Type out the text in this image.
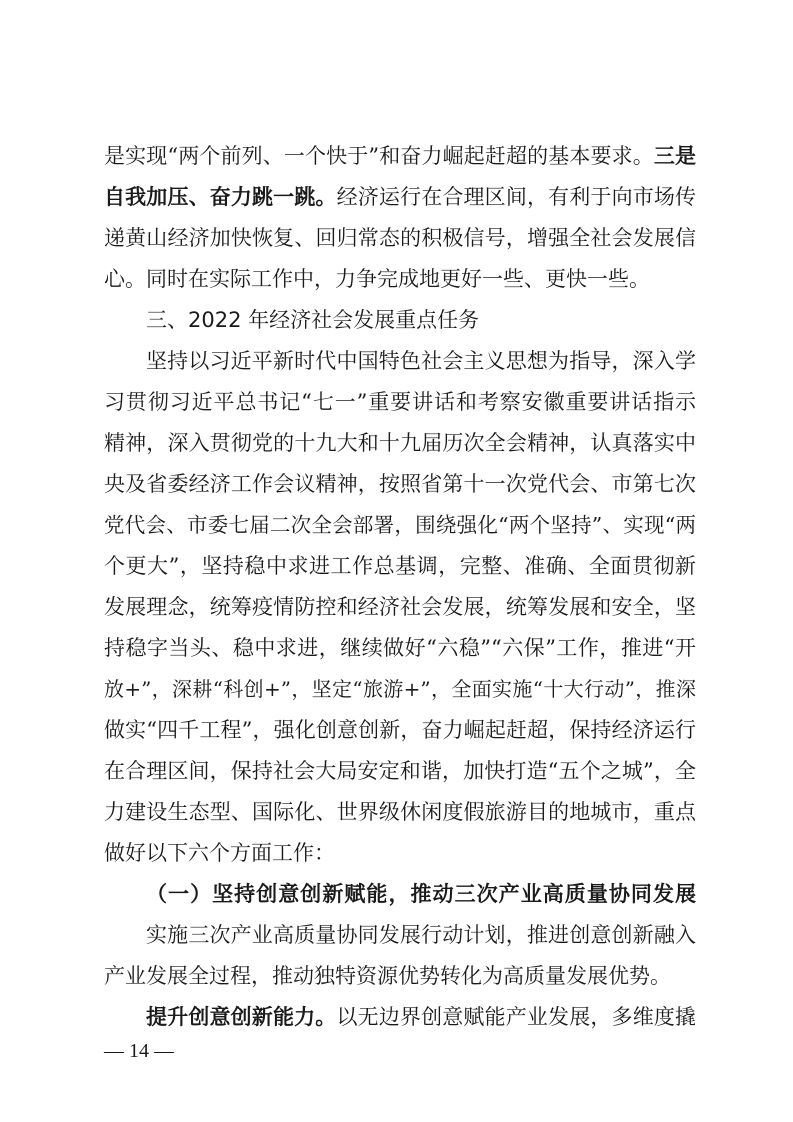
是实现“两个前列、一个快于”和奋力崛起赶超的基本要求。三是
自我加压、奋力跳一跳。经济运行在合理区间，有利于向市场传
递黄山经济加快恢复、回归常态的积极信号，增强全社会发展信
心。同时在实际工作中，力争完成地更好一些、更快一些。
三、2022 年经济社会发展重点任务
坚持以习近平新时代中国特色社会主义思想为指导，深入学
习贯彻习近平总书记“七一”重要讲话和考察安徽重要讲话指示
精神，深入贯彻党的十九大和十九届历次全会精神，认真落实中
央及省委经济工作会议精神，按照省第十一次党代会、市第七次
党代会、市委七届二次全会部署，围绕强化“两个坚持”、实现“两
个更大”，坚持稳中求进工作总基调，完整、准确、全面贯彻新
发展理念，统筹疫情防控和经济社会发展，统筹发展和安全，坚
持稳字当头、稳中求进，继续做好“六稳”“六保”工作，推进“开
放+”，深耕“科创+”，坚定“旅游+”，全面实施“十大行动”，推深
做实“四千工程”，强化创意创新，奋力崛起赶超，保持经济运行
在合理区间，保持社会大局安定和谐，加快打造“五个之城”，全
力建设生态型、国际化、世界级休闲度假旅游目的地城市，重点
做好以下六个方面工作：
（一）坚持创意创新赋能，推动三次产业高质量协同发展
实施三次产业高质量协同发展行动计划，推进创意创新融入
产业发展全过程，推动独特资源优势转化为高质量发展优势。
提升创意创新能力。以无边界创意赋能产业发展，多维度撬
— 14 —
